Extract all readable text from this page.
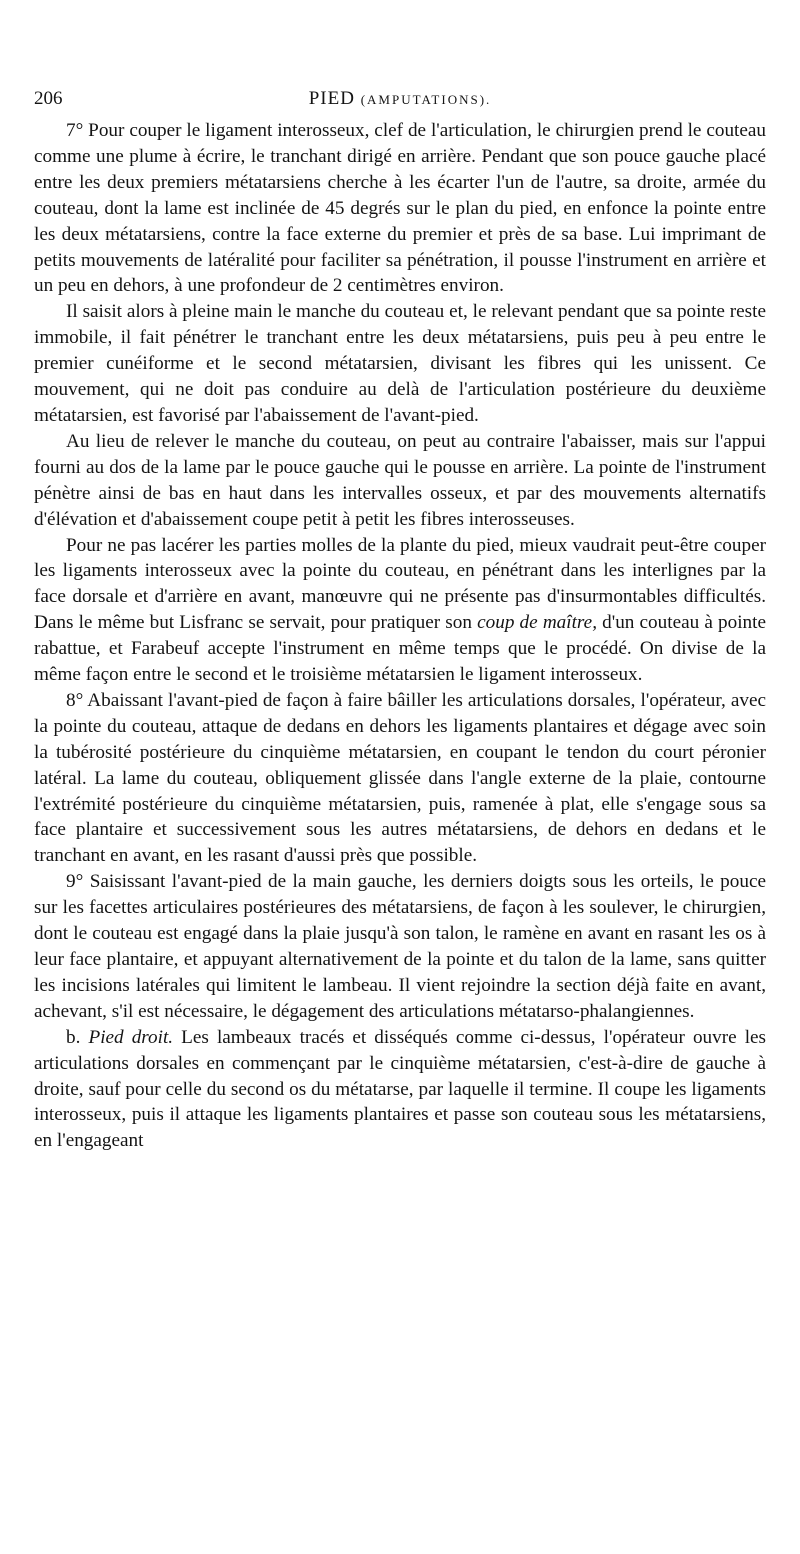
206	PIED (AMPUTATIONS).

7° Pour couper le ligament interosseux, clef de l'articulation, le chirurgien prend le couteau comme une plume à écrire, le tranchant dirigé en arrière. Pendant que son pouce gauche placé entre les deux premiers métatarsiens cherche à les écarter l'un de l'autre, sa droite, armée du couteau, dont la lame est inclinée de 45 degrés sur le plan du pied, en enfonce la pointe entre les deux métatarsiens, contre la face externe du premier et près de sa base. Lui imprimant de petits mouvements de latéralité pour faciliter sa pénétration, il pousse l'instrument en arrière et un peu en dehors, à une profondeur de 2 centimètres environ.

Il saisit alors à pleine main le manche du couteau et, le relevant pendant que sa pointe reste immobile, il fait pénétrer le tranchant entre les deux métatarsiens, puis peu à peu entre le premier cunéiforme et le second métatarsien, divisant les fibres qui les unissent. Ce mouvement, qui ne doit pas conduire au delà de l'articulation postérieure du deuxième métatarsien, est favorisé par l'abaissement de l'avant-pied.

Au lieu de relever le manche du couteau, on peut au contraire l'abaisser, mais sur l'appui fourni au dos de la lame par le pouce gauche qui le pousse en arrière. La pointe de l'instrument pénètre ainsi de bas en haut dans les intervalles osseux, et par des mouvements alternatifs d'élévation et d'abaissement coupe petit à petit les fibres interosseuses.

Pour ne pas lacérer les parties molles de la plante du pied, mieux vaudrait peut-être couper les ligaments interosseux avec la pointe du couteau, en pénétrant dans les interlignes par la face dorsale et d'arrière en avant, manœuvre qui ne présente pas d'insurmontables difficultés. Dans le même but Lisfranc se servait, pour pratiquer son coup de maître, d'un couteau à pointe rabattue, et Farabeuf accepte l'instrument en même temps que le procédé. On divise de la même façon entre le second et le troisième métatarsien le ligament interosseux.

8° Abaissant l'avant-pied de façon à faire bâiller les articulations dorsales, l'opérateur, avec la pointe du couteau, attaque de dedans en dehors les ligaments plantaires et dégage avec soin la tubérosité postérieure du cinquième métatarsien, en coupant le tendon du court péronier latéral. La lame du couteau, obliquement glissée dans l'angle externe de la plaie, contourne l'extrémité postérieure du cinquième métatarsien, puis, ramenée à plat, elle s'engage sous sa face plantaire et successivement sous les autres métatarsiens, de dehors en dedans et le tranchant en avant, en les rasant d'aussi près que possible.

9° Saisissant l'avant-pied de la main gauche, les derniers doigts sous les orteils, le pouce sur les facettes articulaires postérieures des métatarsiens, de façon à les soulever, le chirurgien, dont le couteau est engagé dans la plaie jusqu'à son talon, le ramène en avant en rasant les os à leur face plantaire, et appuyant alternativement de la pointe et du talon de la lame, sans quitter les incisions latérales qui limitent le lambeau. Il vient rejoindre la section déjà faite en avant, achevant, s'il est nécessaire, le dégagement des articulations métatarso-phalangiennes.

b. Pied droit. Les lambeaux tracés et disséqués comme ci-dessus, l'opérateur ouvre les articulations dorsales en commençant par le cinquième métatarsien, c'est-à-dire de gauche à droite, sauf pour celle du second os du métatarse, par laquelle il termine. Il coupe les ligaments interosseux, puis il attaque les ligaments plantaires et passe son couteau sous les métatarsiens, en l'engageant
